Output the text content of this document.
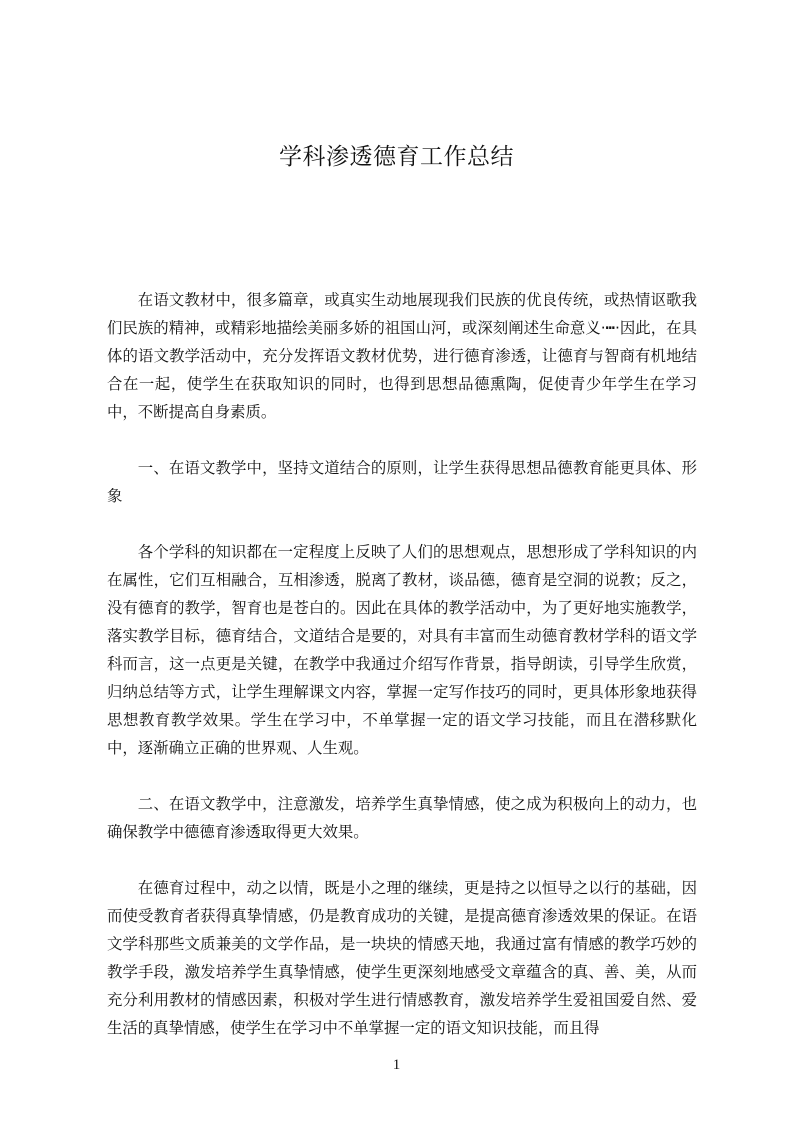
学科渗透德育工作总结

在语文教材中，很多篇章，或真实生动地展现我们民族的优良传统，或热情讴歌我们民族的精神，或精彩地描绘美丽多娇的祖国山河，或深刻阐述生命意义·┅·因此，在具体的语文教学活动中，充分发挥语文教材优势，进行德育渗透，让德育与智商有机地结合在一起，使学生在获取知识的同时，也得到思想品德熏陶，促使青少年学生在学习中，不断提高自身素质。

一、在语文教学中，坚持文道结合的原则，让学生获得思想品德教育能更具体、形象

各个学科的知识都在一定程度上反映了人们的思想观点，思想形成了学科知识的内在属性，它们互相融合，互相渗透，脱离了教材，谈品德，德育是空洞的说教；反之，没有德育的教学，智育也是苍白的。因此在具体的教学活动中，为了更好地实施教学，落实教学目标，德育结合，文道结合是要的，对具有丰富而生动德育教材学科的语文学科而言，这一点更是关键，在教学中我通过介绍写作背景，指导朗读，引导学生欣赏，归纳总结等方式，让学生理解课文内容，掌握一定写作技巧的同时，更具体形象地获得思想教育教学效果。学生在学习中，不单掌握一定的语文学习技能，而且在潜移默化中，逐渐确立正确的世界观、人生观。

二、在语文教学中，注意激发，培养学生真挚情感，使之成为积极向上的动力，也确保教学中德德育渗透取得更大效果。

在德育过程中，动之以情，既是小之理的继续，更是持之以恒导之以行的基础，因而使受教育者获得真挚情感，仍是教育成功的关键，是提高德育渗透效果的保证。在语文学科那些文质兼美的文学作品，是一块块的情感天地，我通过富有情感的教学巧妙的教学手段，激发培养学生真挚情感，使学生更深刻地感受文章蕴含的真、善、美，从而充分利用教材的情感因素，积极对学生进行情感教育，激发培养学生爱祖国爱自然、爱生活的真挚情感，使学生在学习中不单掌握一定的语文知识技能，而且得

1
